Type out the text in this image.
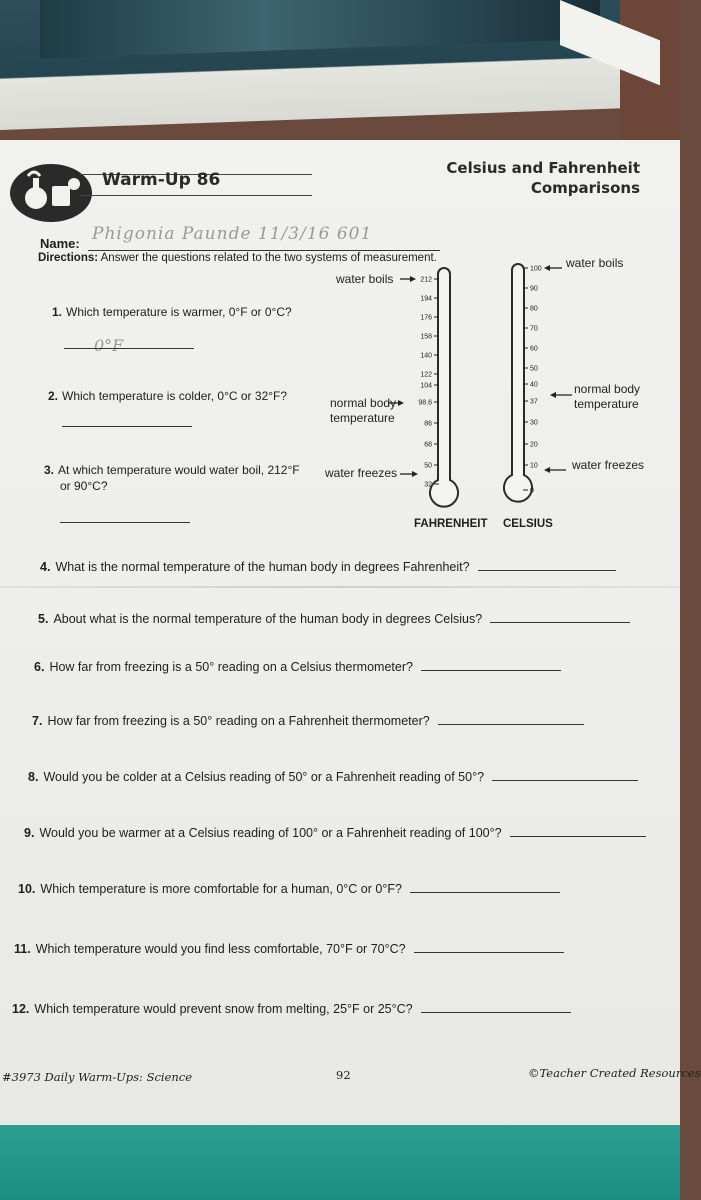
Warm-Up 86
Celsius and Fahrenheit
Comparisons
Name: Phigonia Paunde 11/3/16 601
Directions: Answer the questions related to the two systems of measurement.
1. Which temperature is warmer, 0°F or 0°C?
0°F
2. Which temperature is colder, 0°C or 32°F?
3. At which temperature would water boil, 212°F
or 90°C?
212
194
176
158
140
122
104
98.6
86
68
50
32
100
90
80
70
60
50
40
37
30
20
10
0
water boils
normal body
temperature
water freezes
water boils
normal body
temperature
water freezes
FAHRENHEIT CELSIUS
4. What is the normal temperature of the human body in degrees Fahrenheit?
5. About what is the normal temperature of the human body in degrees Celsius?
6. How far from freezing is a 50° reading on a Celsius thermometer?
7. How far from freezing is a 50° reading on a Fahrenheit thermometer?
8. Would you be colder at a Celsius reading of 50° or a Fahrenheit reading of 50°?
9. Would you be warmer at a Celsius reading of 100° or a Fahrenheit reading of 100°?
10. Which temperature is more comfortable for a human, 0°C or 0°F?
11. Which temperature would you find less comfortable, 70°F or 70°C?
12. Which temperature would prevent snow from melting, 25°F or 25°C?
#3973 Daily Warm-Ups: Science	92	©Teacher Created Resources
